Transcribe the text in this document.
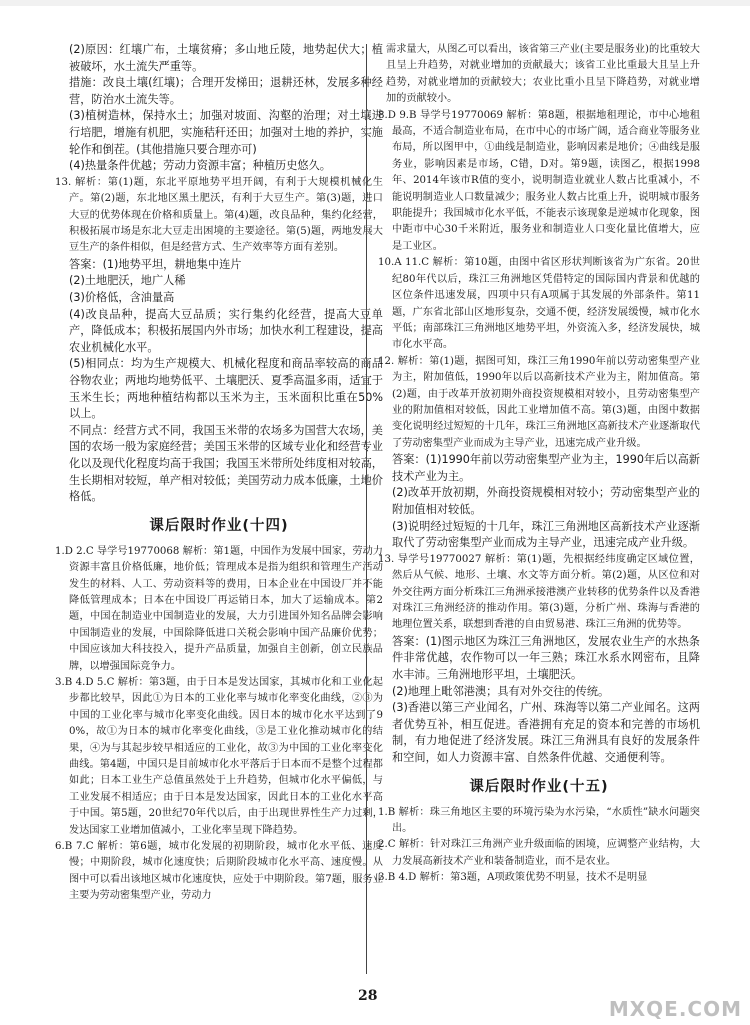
(2)原因：红壤广布，土壤贫瘠；多山地丘陵，地势起伏大；植被破坏，水土流失严重等。
措施：改良土壤(红壤)；合理开发梯田；退耕还林，发展多种经营，防治水土流失等。
(3)植树造林，保持水土；加强对坡面、沟壑的治理；对土壤进行培肥，增施有机肥，实施秸秆还田；加强对土地的养护，实施轮作和倒茬。(其他措施只要合理亦可)
(4)热量条件优越；劳动力资源丰富；种植历史悠久。
13. 解析：第(1)题，东北平原地势平坦开阔，有利于大规模机械化生产。第(2)题，东北地区黑土肥沃，有利于大豆生产。第(3)题，进口大豆的优势体现在价格和质量上。第(4)题，改良品种，集约化经营，积极拓展市场是东北大豆走出困境的主要途径。第(5)题，两地发展大豆生产的条件相似，但是经营方式、生产效率等方面有差别。
答案：(1)地势平坦，耕地集中连片
(2)土地肥沃，地广人稀
(3)价格低，含油量高
(4)改良品种，提高大豆品质；实行集约化经营，提高大豆单产，降低成本；积极拓展国内外市场；加快水利工程建设，提高农业机械化水平。
(5)相同点：均为生产规模大、机械化程度和商品率较高的商品谷物农业；两地均地势低平、土壤肥沃、夏季高温多雨，适宜于玉米生长；两地种植结构都以玉米为主，玉米面积比重在50%以上。
不同点：经营方式不同，我国玉米带的农场多为国营大农场，美国的农场一般为家庭经营；美国玉米带的区域专业化和经营专业化以及现代化程度均高于我国；我国玉米带所处纬度相对较高，生长期相对较短，单产相对较低；美国劳动力成本低廉，土地价格低。
课后限时作业(十四)
1.D 2.C 导学号19770068 解析：第1题，中国作为发展中国家，劳动力资源丰富且价格低廉，地价低；管理成本是指为组织和管理生产活动发生的材料、人工、劳动资料等的费用，日本企业在中国设厂并不能降低管理成本；日本在中国设厂再运销日本，加大了运输成本。第2题，中国在制造业中国制造业的发展，大力引进国外知名品牌会影响中国制造业的发展，中国除降低进口关税会影响中国产品廉价优势；中国应该加大科技投入，提升产品质量，加强自主创新，创立民族品牌，以增强国际竞争力。
3.B 4.D 5.C 解析：第3题，由于日本是发达国家，其城市化和工业化起步都比较早，因此①为日本的工业化率与城市化率变化曲线，②③为中国的工业化率与城市化率变化曲线。因日本的城市化水平达到了90%，故①为日本的城市化率变化曲线，③是工业化推动城市化的结果，④为与其起步较早相适应的工业化，故③为中国的工业化率变化曲线。第4题，中国只是目前城市化水平落后于日本而不是整个过程都如此；日本工业生产总值虽然处于上升趋势，但城市化水平偏低，与工业发展不相适应；由于日本是发达国家，因此日本的工业化水平高于中国。第5题，20世纪70年代以后，由于出现世界性生产力过剩，发达国家工业增加值减小，工业化率呈现下降趋势。
6.B 7.C 解析：第6题，城市化发展的初期阶段，城市化水平低、速度慢；中期阶段，城市化速度快；后期阶段城市化水平高、速度慢。从图中可以看出该地区城市化速度快，应处于中期阶段。第7题，服务业主要为劳动密集型产业，劳动力
需求量大，从图乙可以看出，该省第三产业(主要是服务业)的比重较大且呈上升趋势，对就业增加的贡献最大；该省工业比重最大且呈上升趋势，对就业增加的贡献较大；农业比重小且呈下降趋势，对就业增加的贡献较小。
8.D 9.B 导学号19770069 解析：第8题，根据地租理论，市中心地租最高，不适合制造业布局，在市中心的市场广阔，适合商业等服务业布局，所以图甲中，①曲线是制造业，影响因素是地价；④曲线是服务业，影响因素是市场，C错，D对。第9题，读图乙，根据1998年、2014年该市R值的变小，说明制造业就业人数占比重减小，不能说明制造业人口数量减少；服务业人数占比重上升，说明城市服务职能提升；我国城市化水平低，不能表示该现象是逆城市化现象，图中距市中心30千米附近，服务业和制造业人口变化量比值增大，应是工业区。
10.A 11.C 解析：第10题，由图中省区形状判断该省为广东省。20世纪80年代以后，珠江三角洲地区凭借特定的国际国内背景和优越的区位条件迅速发展，四项中只有A项属于其发展的外部条件。第11题，广东省北部山区地形复杂，交通不便，经济发展缓慢，城市化水平低；南部珠江三角洲地区地势平坦，外资流入多，经济发展快，城市化水平高。
12. 解析：第(1)题，据图可知，珠江三角1990年前以劳动密集型产业为主，附加值低，1990年以后以高新技术产业为主，附加值高。第(2)题，由于改革开放初期外商投资规模相对较小，且劳动密集型产业的附加值相对较低，因此工业增加值不高。第(3)题，由图中数据变化说明经过短短的十几年，珠江三角洲地区高新技术产业逐渐取代了劳动密集型产业而成为主导产业，迅速完成产业升级。
答案：(1)1990年前以劳动密集型产业为主，1990年后以高新技术产业为主。
(2)改革开放初期，外商投资规模相对较小；劳动密集型产业的附加值相对较低。
(3)说明经过短短的十几年，珠江三角洲地区高新技术产业逐渐取代了劳动密集型产业而成为主导产业，迅速完成产业升级。
13. 导学号19770027 解析：第(1)题，先根据经纬度确定区域位置，然后从气候、地形、土壤、水文等方面分析。第(2)题，从区位和对外交往两方面分析珠江三角洲承接港澳产业转移的优势条件以及香港对珠江三角洲经济的推动作用。第(3)题，分析广州、珠海与香港的地理位置关系，联想到香港的自由贸易港、珠江三角洲的优势等。
答案：(1)图示地区为珠江三角洲地区，发展农业生产的水热条件非常优越，农作物可以一年三熟；珠江水系水网密布，且降水丰沛。三角洲地形平坦，土壤肥沃。
(2)地理上毗邻港澳；具有对外交往的传统。
(3)香港以第三产业闻名，广州、珠海等以第二产业闻名。这两者优势互补，相互促进。香港拥有充足的资本和完善的市场机制，有力地促进了经济发展。珠江三角洲具有良好的发展条件和空间，如人力资源丰富、自然条件优越、交通便利等。
课后限时作业(十五)
1.B 解析：珠三角地区主要的环境污染为水污染，“水质性”缺水问题突出。
2.C 解析：针对珠江三角洲产业升级面临的困境，应调整产业结构，大力发展高新技术产业和装备制造业，而不是农业。
3.B 4.D 解析：第3题，A项政策优势不明显，技术不是明显
28
MXQE.COM
